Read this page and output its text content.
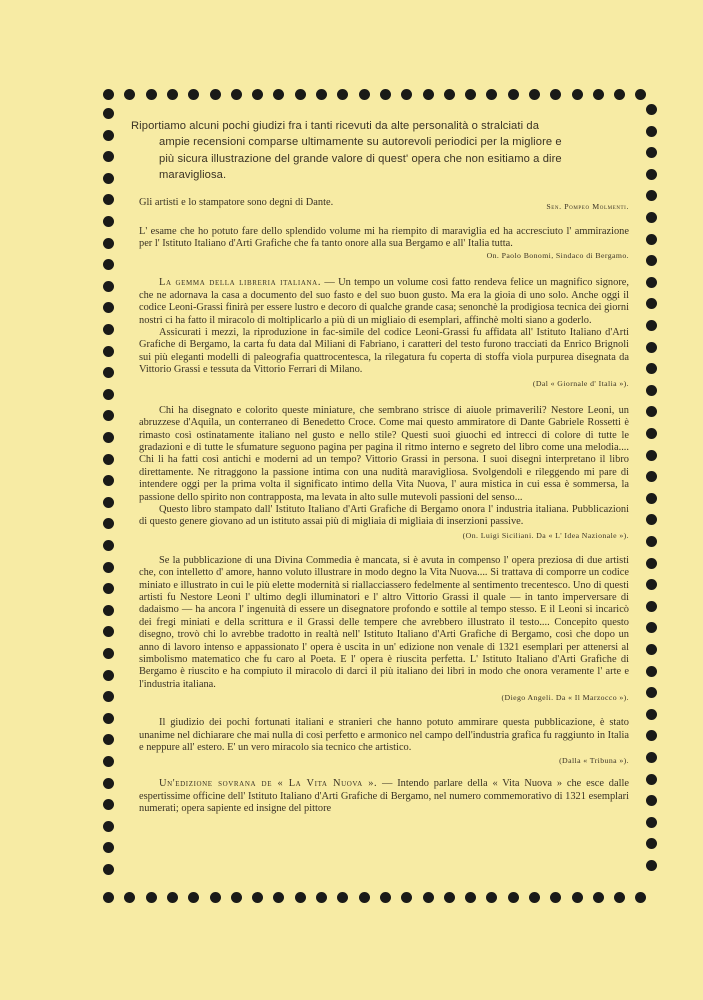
Riportiamo alcuni pochi giudizi fra i tanti ricevuti da alte personalità o stralciati da
ampie recensioni comparse ultimamente su autorevoli periodici per la migliore e
più sicura illustrazione del grande valore di quest' opera che non esitiamo a dire
maravigliosa.

Gli artisti e lo stampatore sono degni di Dante.	Sen. Pompeo Molmenti.

L' esame che ho potuto fare dello splendido volume mi ha riempito di maraviglia ed ha accresciuto l' ammirazione per l' Istituto Italiano d'Arti Grafiche che fa tanto onore alla sua Bergamo e all' Italia tutta.

On. Paolo Bonomi, Sindaco di Bergamo.

La gemma della libreria italiana. — Un tempo un volume così fatto rendeva felice un magnifico signore, che ne adornava la casa a documento del suo fasto e del suo buon gusto. Ma era la gioia di uno solo. Anche oggi il codice Leoni-Grassi finirà per essere lustro e decoro di qualche grande casa; senonchè la prodigiosa tecnica dei giorni nostri ci ha fatto il miracolo di moltiplicarlo a più di un migliaio di esemplari, affinchè molti siano a goderlo.

Assicurati i mezzi, la riproduzione in fac-simile del codice Leoni-Grassi fu affidata all' Istituto Italiano d'Arti Grafiche di Bergamo, la carta fu data dal Miliani di Fabriano, i caratteri del testo furono tracciati da Enrico Brignoli sui più eleganti modelli di paleografia quattrocentesca, la rilegatura fu coperta di stoffa viola purpurea disegnata da Vittorio Grassi e tessuta da Vittorio Ferrari di Milano.

(Dal « Giornale d' Italia »).

Chi ha disegnato e colorito queste miniature, che sembrano strisce di aiuole primaverili? Nestore Leoni, un abruzzese d'Aquila, un conterraneo di Benedetto Croce. Come mai questo ammiratore di Dante Gabriele Rossetti è rimasto così ostinatamente italiano nel gusto e nello stile? Questi suoi giuochi ed intrecci di colore di tutte le gradazioni e di tutte le sfumature seguono pagina per pagina il ritmo interno e segreto del libro come una melodia.... Chi li ha fatti così antichi e moderni ad un tempo? Vittorio Grassi in persona. I suoi disegni interpretano il libro direttamente. Ne ritraggono la passione intima con una nudità maravigliosa. Svolgendoli e rileggendo mi pare di intendere oggi per la prima volta il significato intimo della Vita Nuova, l' aura mistica in cui essa è sommersa, la passione dello spirito non contrapposta, ma levata in alto sulle mutevoli passioni del senso...

Questo libro stampato dall' Istituto Italiano d'Arti Grafiche di Bergamo onora l' industria italiana. Pubblicazioni di questo genere giovano ad un istituto assai più di migliaia di migliaia di inserzioni passive.

(On. Luigi Siciliani. Da « L' Idea Nazionale »).

Se la pubblicazione di una Divina Commedia è mancata, si è avuta in compenso l' opera preziosa di due artisti che, con intelletto d' amore, hanno voluto illustrare in modo degno la Vita Nuova.... Si trattava di comporre un codice miniato e illustrato in cui le più elette modernità si riallacciassero fedelmente al sentimento trecentesco. Uno di questi artisti fu Nestore Leoni l' ultimo degli illuminatori e l' altro Vittorio Grassi il quale — in tanto imperversare di dadaismo — ha ancora l' ingenuità di essere un disegnatore profondo e sottile al tempo stesso. E il Leoni si incaricò dei fregi miniati e della scrittura e il Grassi delle tempere che avrebbero illustrato il testo.... Concepito questo disegno, trovò chi lo avrebbe tradotto in realtà nell' Istituto Italiano d'Arti Grafiche di Bergamo, così che dopo un anno di lavoro intenso e appassionato l' opera è uscita in un' edizione non venale di 1321 esemplari per attenersi al simbolismo matematico che fu caro al Poeta. E l' opera è riuscita perfetta. L' Istituto Italiano d'Arti Grafiche di Bergamo è riuscito e ha compiuto il miracolo di darci il più italiano dei libri in modo che onora veramente l' arte e l'industria italiana.

(Diego Angeli. Da « Il Marzocco »).

Il giudizio dei pochi fortunati italiani e stranieri che hanno potuto ammirare questa pubblicazione, è stato unanime nel dichiarare che mai nulla di così perfetto e armonico nel campo dell'industria grafica fu raggiunto in Italia e neppure all' estero. E' un vero miracolo sia tecnico che artistico.

(Dalla « Tribuna »).

Un'edizione sovrana de « La Vita Nuova ». — Intendo parlare della « Vita Nuova » che esce dalle espertissime officine dell' Istituto Italiano d'Arti Grafiche di Bergamo, nel numero commemorativo di 1321 esemplari numerati; opera sapiente ed insigne del pittore
